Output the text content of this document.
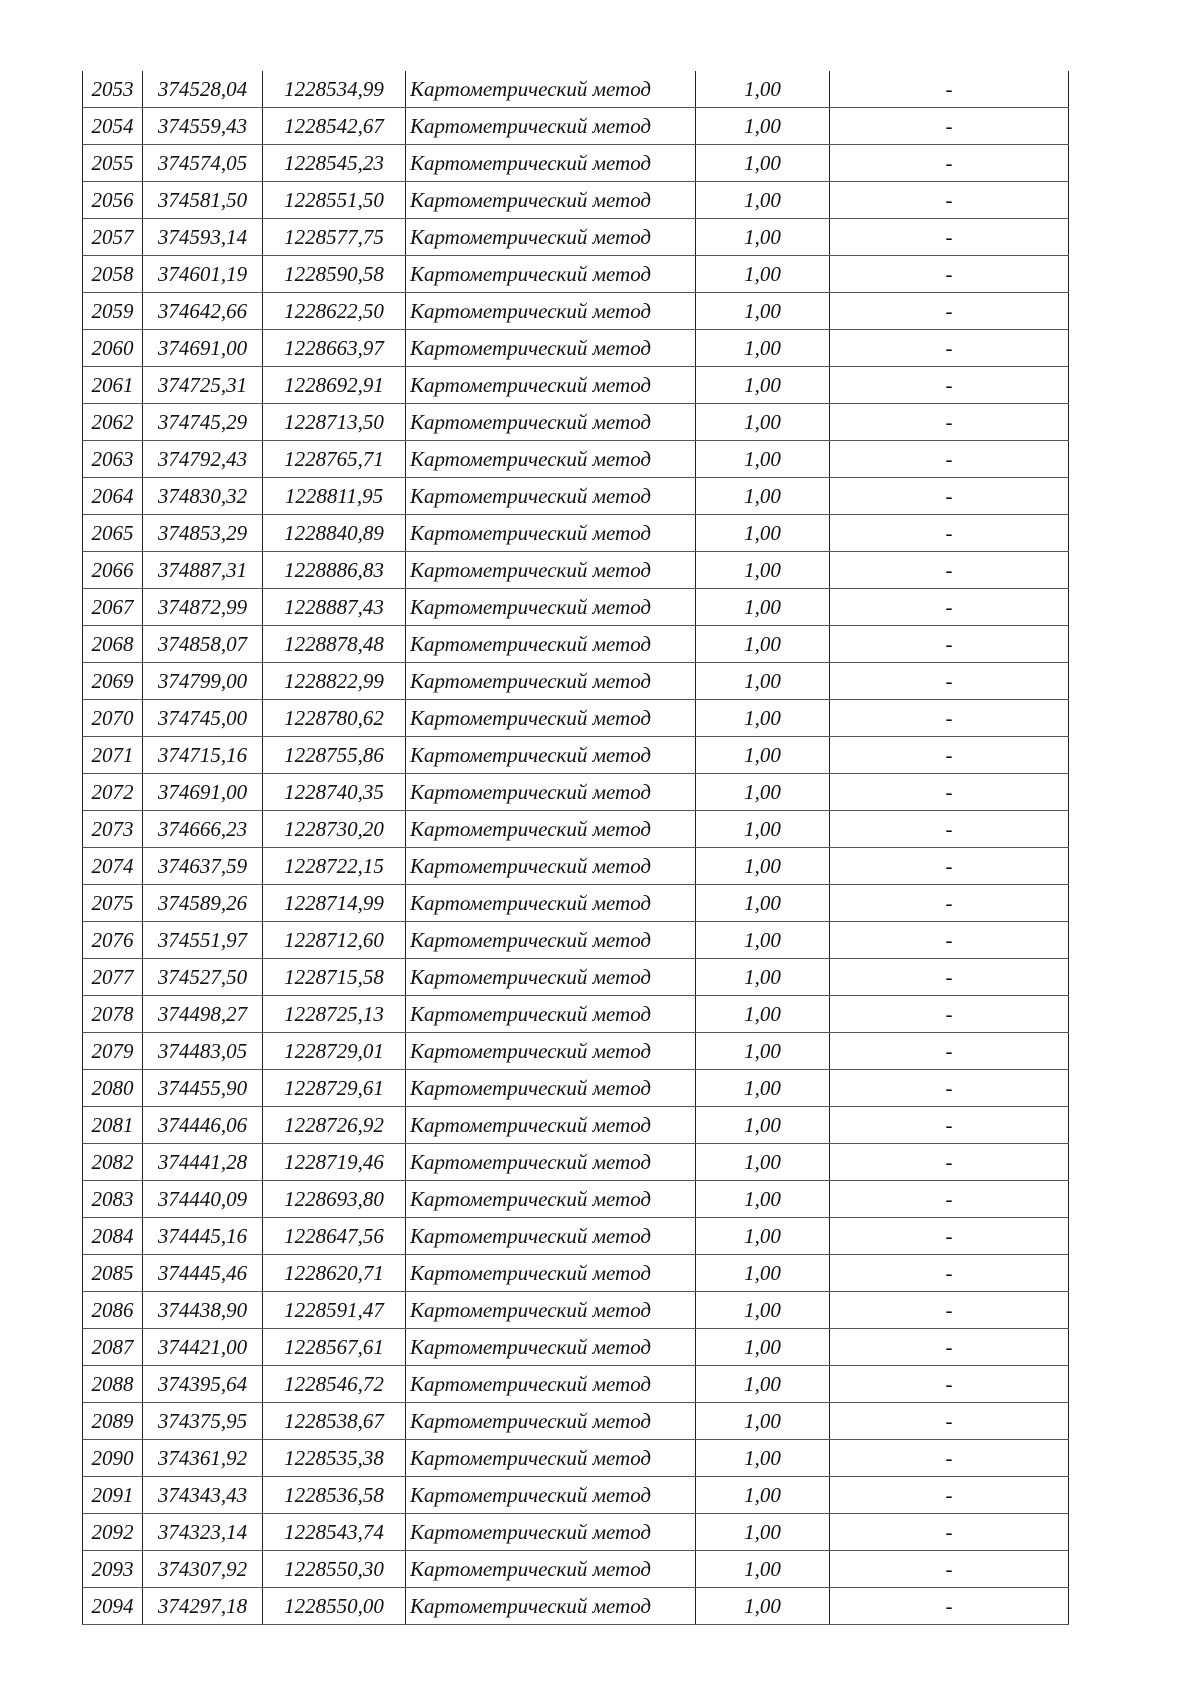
2053	374528,04	1228534,99	Картометрический метод	1,00	-
2054	374559,43	1228542,67	Картометрический метод	1,00	-
2055	374574,05	1228545,23	Картометрический метод	1,00	-
2056	374581,50	1228551,50	Картометрический метод	1,00	-
2057	374593,14	1228577,75	Картометрический метод	1,00	-
2058	374601,19	1228590,58	Картометрический метод	1,00	-
2059	374642,66	1228622,50	Картометрический метод	1,00	-
2060	374691,00	1228663,97	Картометрический метод	1,00	-
2061	374725,31	1228692,91	Картометрический метод	1,00	-
2062	374745,29	1228713,50	Картометрический метод	1,00	-
2063	374792,43	1228765,71	Картометрический метод	1,00	-
2064	374830,32	1228811,95	Картометрический метод	1,00	-
2065	374853,29	1228840,89	Картометрический метод	1,00	-
2066	374887,31	1228886,83	Картометрический метод	1,00	-
2067	374872,99	1228887,43	Картометрический метод	1,00	-
2068	374858,07	1228878,48	Картометрический метод	1,00	-
2069	374799,00	1228822,99	Картометрический метод	1,00	-
2070	374745,00	1228780,62	Картометрический метод	1,00	-
2071	374715,16	1228755,86	Картометрический метод	1,00	-
2072	374691,00	1228740,35	Картометрический метод	1,00	-
2073	374666,23	1228730,20	Картометрический метод	1,00	-
2074	374637,59	1228722,15	Картометрический метод	1,00	-
2075	374589,26	1228714,99	Картометрический метод	1,00	-
2076	374551,97	1228712,60	Картометрический метод	1,00	-
2077	374527,50	1228715,58	Картометрический метод	1,00	-
2078	374498,27	1228725,13	Картометрический метод	1,00	-
2079	374483,05	1228729,01	Картометрический метод	1,00	-
2080	374455,90	1228729,61	Картометрический метод	1,00	-
2081	374446,06	1228726,92	Картометрический метод	1,00	-
2082	374441,28	1228719,46	Картометрический метод	1,00	-
2083	374440,09	1228693,80	Картометрический метод	1,00	-
2084	374445,16	1228647,56	Картометрический метод	1,00	-
2085	374445,46	1228620,71	Картометрический метод	1,00	-
2086	374438,90	1228591,47	Картометрический метод	1,00	-
2087	374421,00	1228567,61	Картометрический метод	1,00	-
2088	374395,64	1228546,72	Картометрический метод	1,00	-
2089	374375,95	1228538,67	Картометрический метод	1,00	-
2090	374361,92	1228535,38	Картометрический метод	1,00	-
2091	374343,43	1228536,58	Картометрический метод	1,00	-
2092	374323,14	1228543,74	Картометрический метод	1,00	-
2093	374307,92	1228550,30	Картометрический метод	1,00	-
2094	374297,18	1228550,00	Картометрический метод	1,00	-
